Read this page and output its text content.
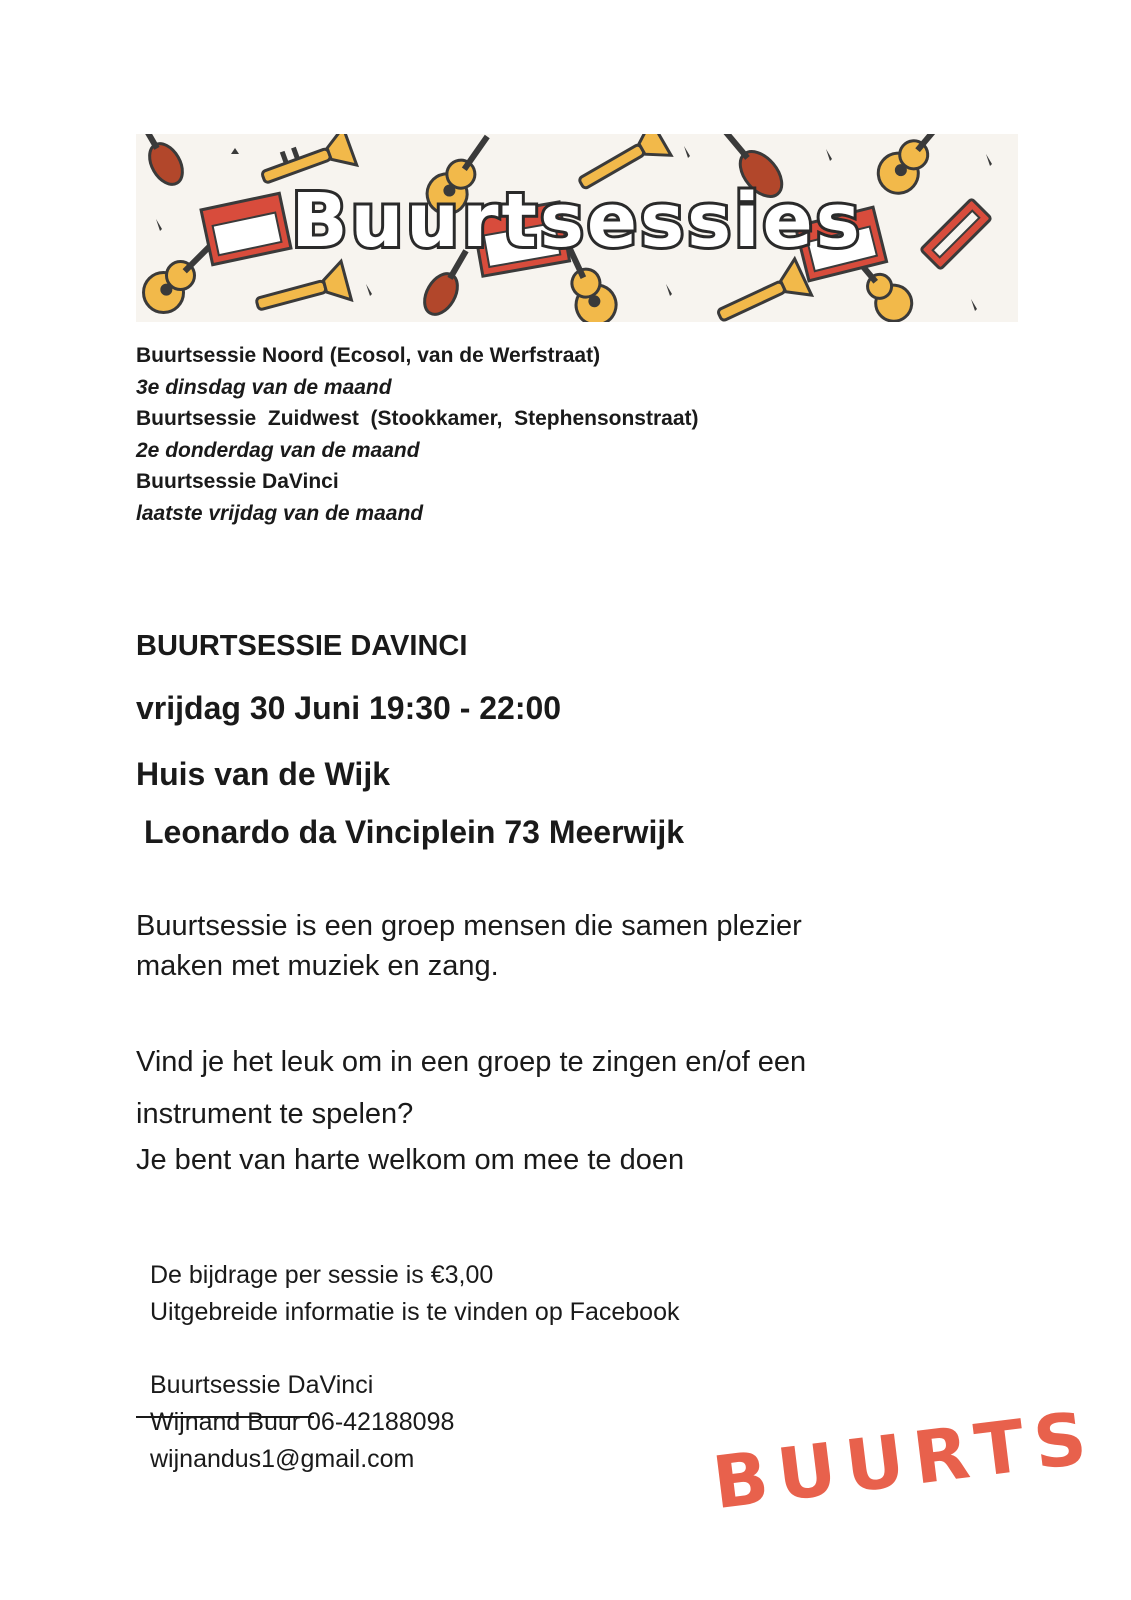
Buurtsessies
Buurtsessie Noord (Ecosol, van de Werfstraat)
3e dinsdag van de maand
Buurtsessie  Zuidwest  (Stookkamer,  Stephensonstraat)
2e donderdag van de maand
Buurtsessie DaVinci
laatste vrijdag van de maand
BUURTSESSIE DAVINCI
vrijdag 30 Juni 19:30 - 22:00
Huis van de Wijk
Leonardo da Vinciplein 73 Meerwijk

Buurtsessie is een groep mensen die samen plezier

maken met muziek en zang.

Vind je het leuk om in een groep te zingen en/of een

instrument te spelen?

Je bent van harte welkom om mee te doen

De bijdrage per sessie is €3,00
Uitgebreide informatie is te vinden op Facebook
Buurtsessie DaVinci
Wijnand Buur 06-42188098
wijnandus1@gmail.com	BUURTS
